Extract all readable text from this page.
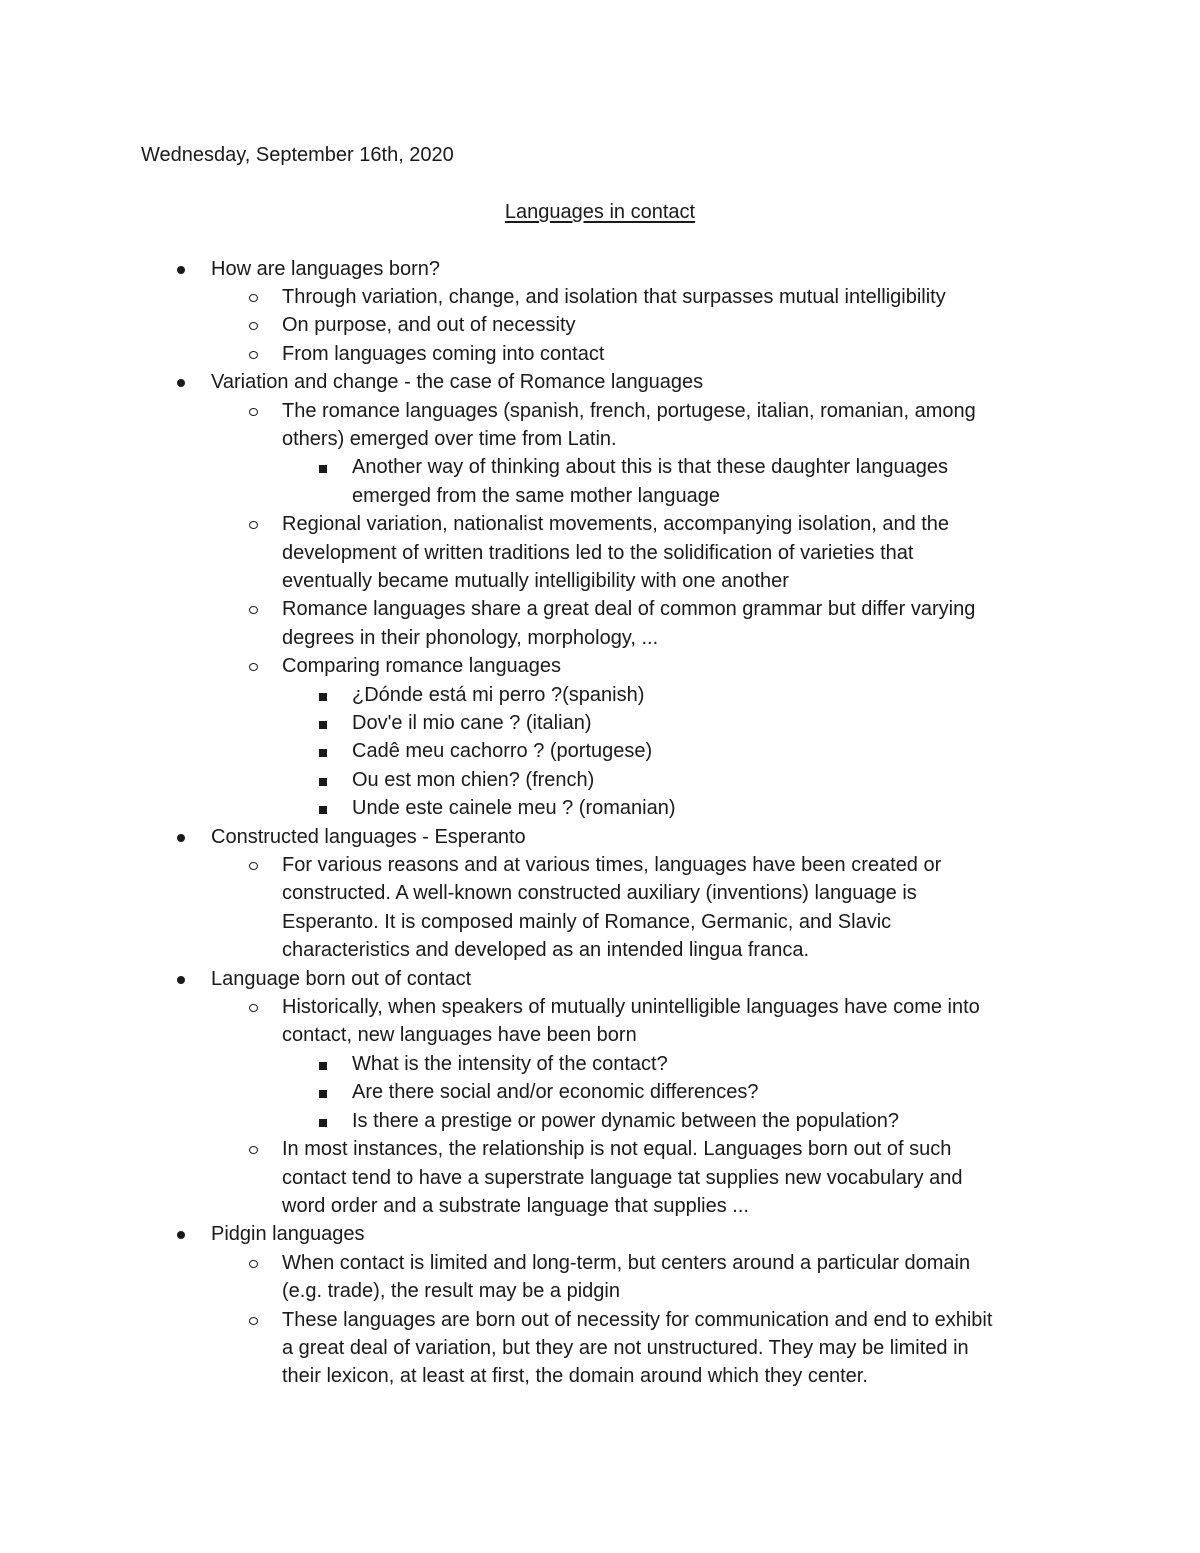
Wednesday, September 16th, 2020
Languages in contact
How are languages born?
Through variation, change, and isolation that surpasses mutual intelligibility
On purpose, and out of necessity
From languages coming into contact
Variation and change - the case of Romance languages
The romance languages (spanish, french, portugese, italian, romanian, among
others) emerged over time from Latin.
Another way of thinking about this is that these daughter languages
emerged from the same mother language
Regional variation, nationalist movements, accompanying isolation, and the
development of written traditions led to the solidification of varieties that
eventually became mutually intelligibility with one another
Romance languages share a great deal of common grammar but differ varying
degrees in their phonology, morphology, ...
Comparing romance languages
¿Dónde está mi perro ?(spanish)
Dov'e il mio cane ? (italian)
Cadê meu cachorro ? (portugese)
Ou est mon chien? (french)
Unde este cainele meu ? (romanian)
Constructed languages - Esperanto
For various reasons and at various times, languages have been created or
constructed. A well-known constructed auxiliary (inventions) language is
Esperanto. It is composed mainly of Romance, Germanic, and Slavic
characteristics and developed as an intended lingua franca.
Language born out of contact
Historically, when speakers of mutually unintelligible languages have come into
contact, new languages have been born
What is the intensity of the contact?
Are there social and/or economic differences?
Is there a prestige or power dynamic between the population?
In most instances, the relationship is not equal. Languages born out of such
contact tend to have a superstrate language tat supplies new vocabulary and
word order and a substrate language that supplies ...
Pidgin languages
When contact is limited and long-term, but centers around a particular domain
(e.g. trade), the result may be a pidgin
These languages are born out of necessity for communication and end to exhibit
a great deal of variation, but they are not unstructured. They may be limited in
their lexicon, at least at first, the domain around which they center.
